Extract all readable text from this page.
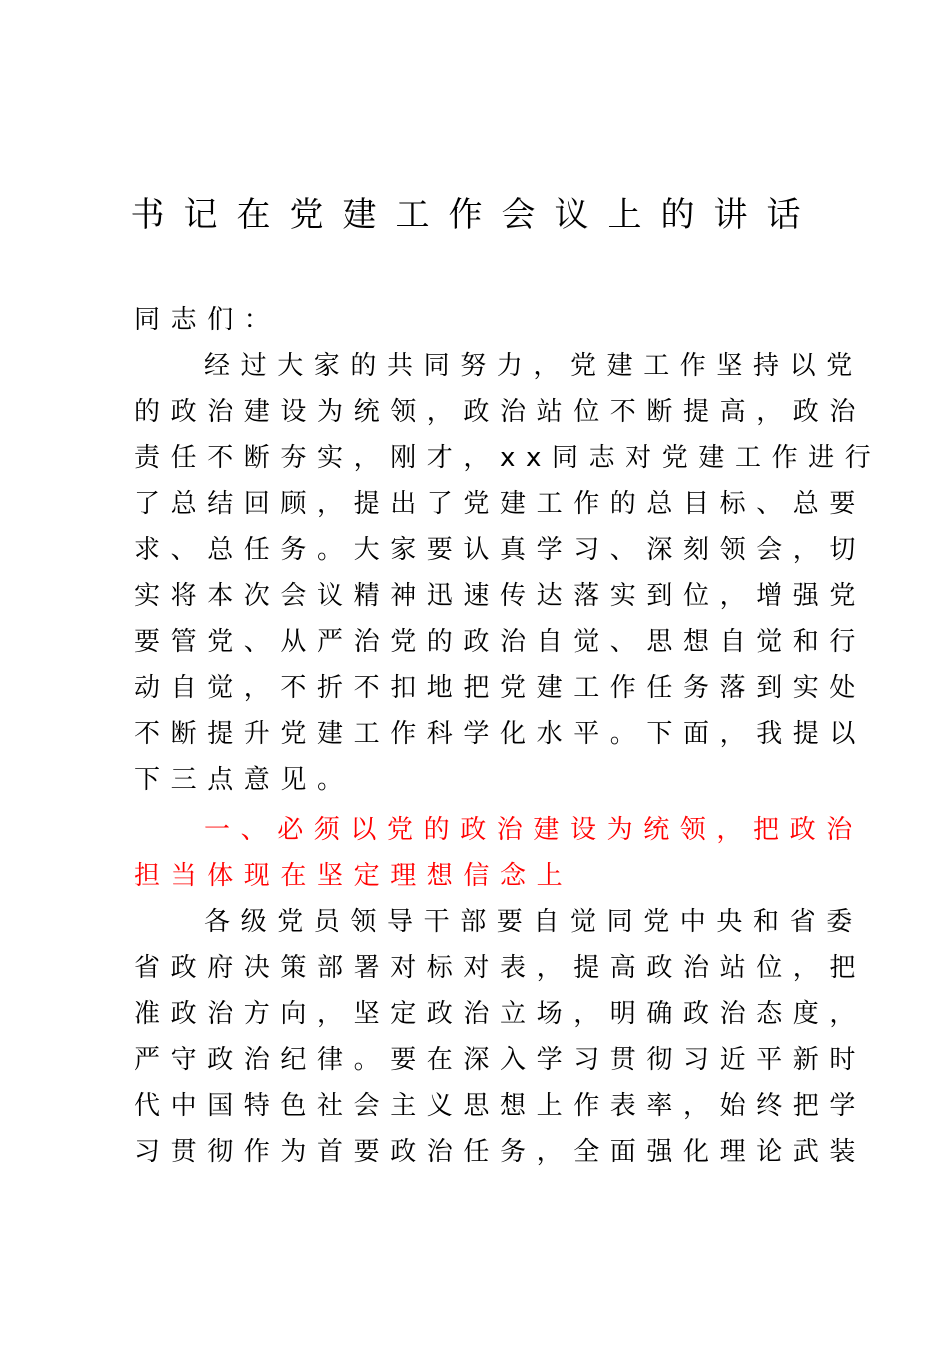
书记在党建工作会议上的讲话
同志们：
经过大家的共同努力，党建工作坚持以党
的政治建设为统领，政治站位不断提高，政治
责任不断夯实，刚才，xx同志对党建工作进行
了总结回顾，提出了党建工作的总目标、总要
求、总任务。大家要认真学习、深刻领会，切
实将本次会议精神迅速传达落实到位，增强党
要管党、从严治党的政治自觉、思想自觉和行
动自觉，不折不扣地把党建工作任务落到实处
不断提升党建工作科学化水平。下面，我提以
下三点意见。
一、必须以党的政治建设为统领，把政治
担当体现在坚定理想信念上
各级党员领导干部要自觉同党中央和省委
省政府决策部署对标对表，提高政治站位，把
准政治方向，坚定政治立场，明确政治态度，
严守政治纪律。要在深入学习贯彻习近平新时
代中国特色社会主义思想上作表率，始终把学
习贯彻作为首要政治任务，全面强化理论武装
